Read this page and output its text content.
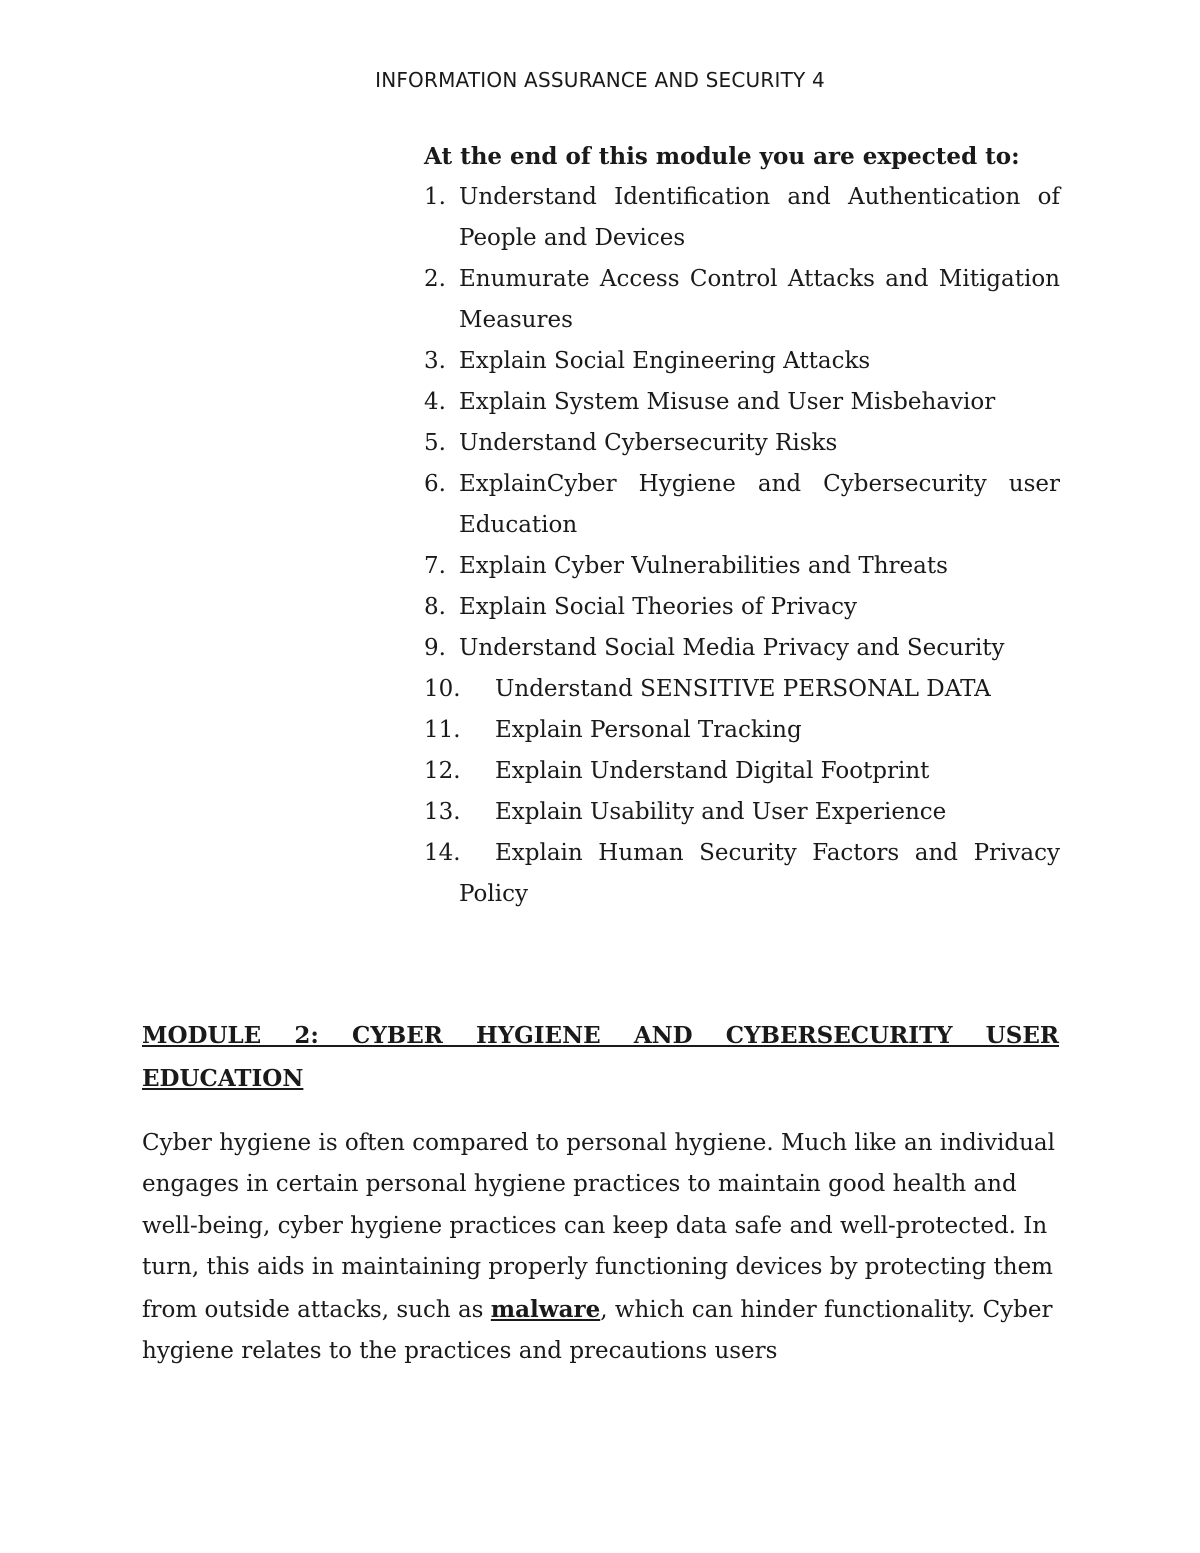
INFORMATION ASSURANCE AND SECURITY 4

At the end of this module you are expected to:

1. Understand Identification and Authentication of People and Devices
2. Enumurate Access Control Attacks and Mitigation Measures
3. Explain Social Engineering Attacks
4. Explain System Misuse and User Misbehavior
5. Understand Cybersecurity Risks
6. ExplainCyber Hygiene and Cybersecurity user Education
7. Explain Cyber Vulnerabilities and Threats
8. Explain Social Theories of Privacy
9. Understand Social Media Privacy and Security
10. Understand SENSITIVE PERSONAL DATA
11. Explain Personal Tracking
12. Explain Understand Digital Footprint
13. Explain Usability and User Experience
14. Explain Human Security Factors and Privacy Policy

MODULE 2: CYBER HYGIENE AND CYBERSECURITY USER EDUCATION

Cyber hygiene is often compared to personal hygiene. Much like an individual engages in certain personal hygiene practices to maintain good health and well-being, cyber hygiene practices can keep data safe and well-protected. In turn, this aids in maintaining properly functioning devices by protecting them from outside attacks, such as malware, which can hinder functionality. Cyber hygiene relates to the practices and precautions users
